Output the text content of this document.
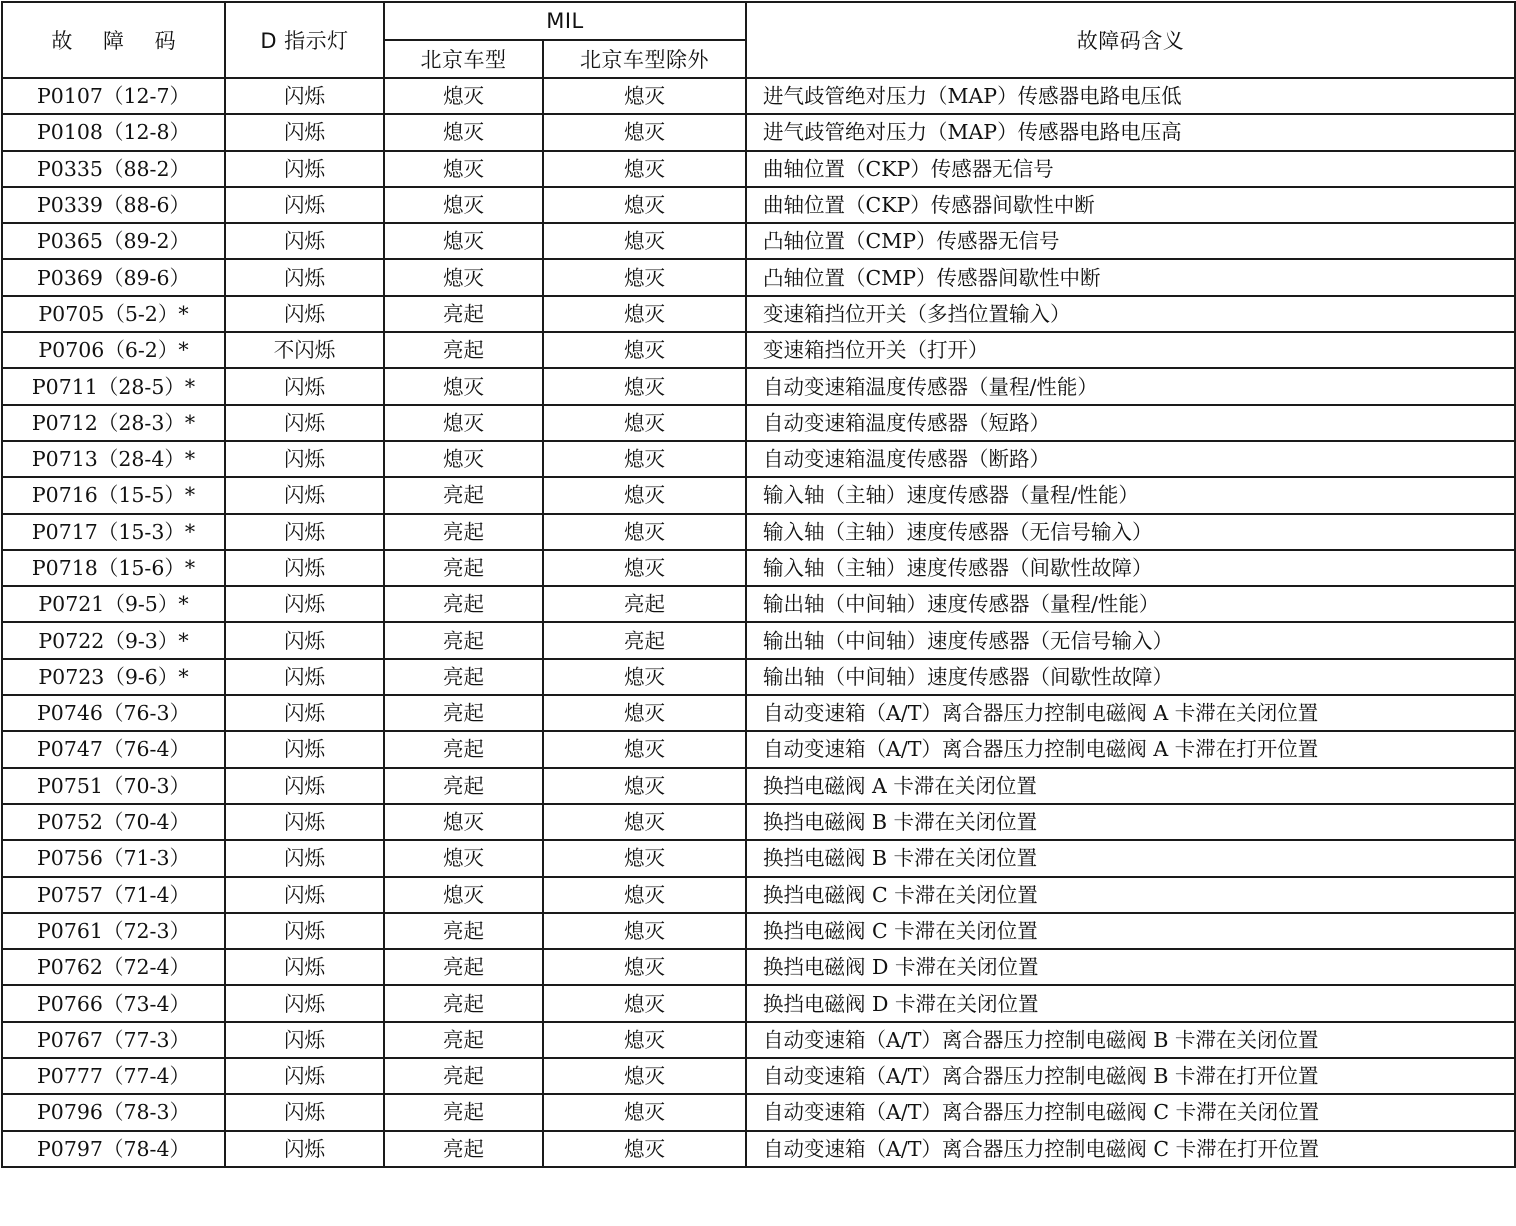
故 障 码	D 指示灯	MIL		故障码含义
		北京车型	北京车型除外	
P0107（12-7）	闪烁	熄灭	熄灭	进气歧管绝对压力（MAP）传感器电路电压低
P0108（12-8）	闪烁	熄灭	熄灭	进气歧管绝对压力（MAP）传感器电路电压高
P0335（88-2）	闪烁	熄灭	熄灭	曲轴位置（CKP）传感器无信号
P0339（88-6）	闪烁	熄灭	熄灭	曲轴位置（CKP）传感器间歇性中断
P0365（89-2）	闪烁	熄灭	熄灭	凸轴位置（CMP）传感器无信号
P0369（89-6）	闪烁	熄灭	熄灭	凸轴位置（CMP）传感器间歇性中断
P0705（5-2）*	闪烁	亮起	熄灭	变速箱挡位开关（多挡位置输入）
P0706（6-2）*	不闪烁	亮起	熄灭	变速箱挡位开关（打开）
P0711（28-5）*	闪烁	熄灭	熄灭	自动变速箱温度传感器（量程/性能）
P0712（28-3）*	闪烁	熄灭	熄灭	自动变速箱温度传感器（短路）
P0713（28-4）*	闪烁	熄灭	熄灭	自动变速箱温度传感器（断路）
P0716（15-5）*	闪烁	亮起	熄灭	输入轴（主轴）速度传感器（量程/性能）
P0717（15-3）*	闪烁	亮起	熄灭	输入轴（主轴）速度传感器（无信号输入）
P0718（15-6）*	闪烁	亮起	熄灭	输入轴（主轴）速度传感器（间歇性故障）
P0721（9-5）*	闪烁	亮起	亮起	输出轴（中间轴）速度传感器（量程/性能）
P0722（9-3）*	闪烁	亮起	亮起	输出轴（中间轴）速度传感器（无信号输入）
P0723（9-6）*	闪烁	亮起	熄灭	输出轴（中间轴）速度传感器（间歇性故障）
P0746（76-3）	闪烁	亮起	熄灭	自动变速箱（A/T）离合器压力控制电磁阀 A 卡滞在关闭位置
P0747（76-4）	闪烁	亮起	熄灭	自动变速箱（A/T）离合器压力控制电磁阀 A 卡滞在打开位置
P0751（70-3）	闪烁	亮起	熄灭	换挡电磁阀 A 卡滞在关闭位置
P0752（70-4）	闪烁	熄灭	熄灭	换挡电磁阀 B 卡滞在关闭位置
P0756（71-3）	闪烁	熄灭	熄灭	换挡电磁阀 B 卡滞在关闭位置
P0757（71-4）	闪烁	熄灭	熄灭	换挡电磁阀 C 卡滞在关闭位置
P0761（72-3）	闪烁	亮起	熄灭	换挡电磁阀 C 卡滞在关闭位置
P0762（72-4）	闪烁	亮起	熄灭	换挡电磁阀 D 卡滞在关闭位置
P0766（73-4）	闪烁	亮起	熄灭	换挡电磁阀 D 卡滞在关闭位置
P0767（77-3）	闪烁	亮起	熄灭	自动变速箱（A/T）离合器压力控制电磁阀 B 卡滞在关闭位置
P0777（77-4）	闪烁	亮起	熄灭	自动变速箱（A/T）离合器压力控制电磁阀 B 卡滞在打开位置
P0796（78-3）	闪烁	亮起	熄灭	自动变速箱（A/T）离合器压力控制电磁阀 C 卡滞在关闭位置
P0797（78-4）	闪烁	亮起	熄灭	自动变速箱（A/T）离合器压力控制电磁阀 C 卡滞在打开位置
